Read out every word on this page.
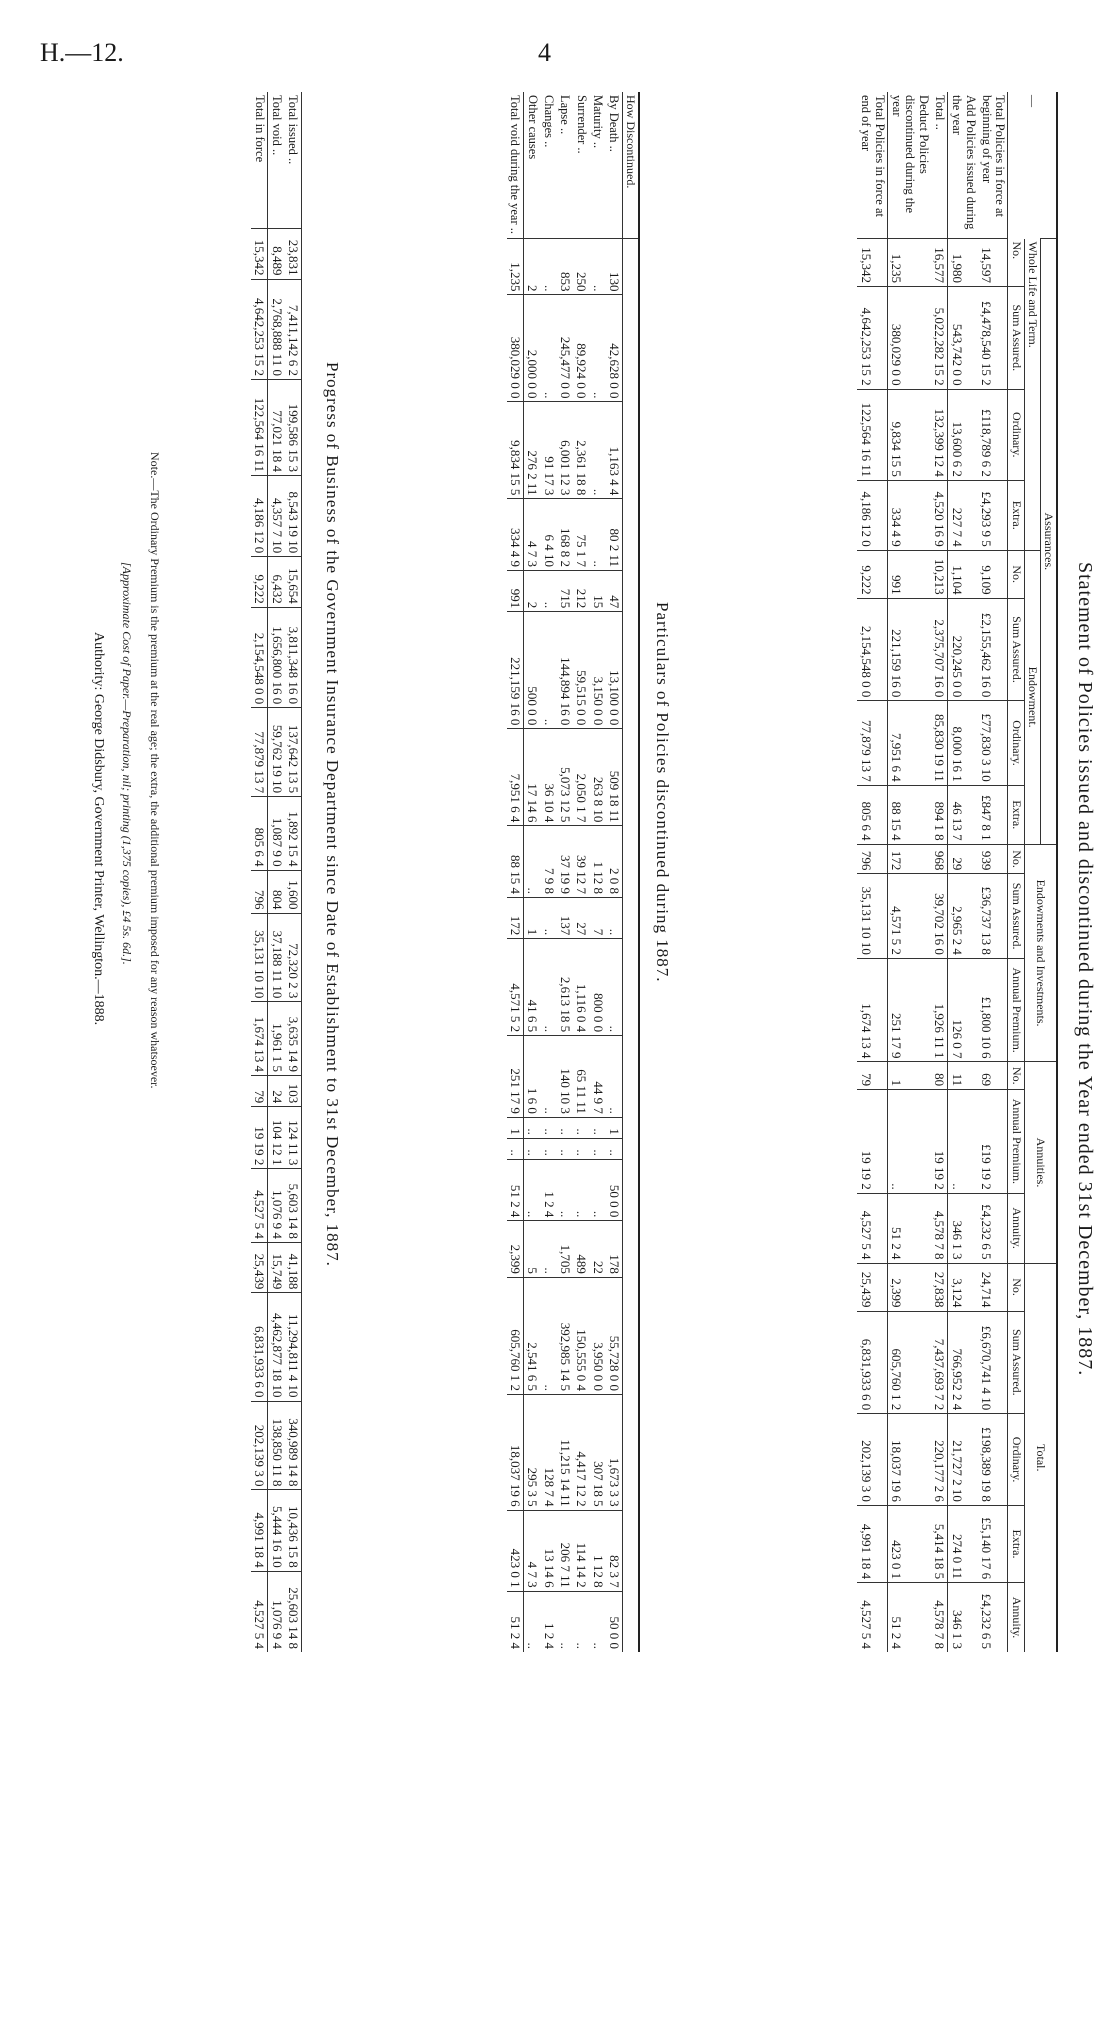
H.—12.	4
Statement of Policies issued and discontinued during the Year ended 31st December, 1887.
—	Assurances.								Endowments and Investments.			Annuities.			Total.				
	Whole Life and Term.				Endowment.														
	No.	Sum Assured.	Ordinary.	Extra.	No.	Sum Assured.	Ordinary.	Extra.	No.	Sum Assured.	Annual Premium.	No.	Annual Premium.	Annuity.	No.	Sum Assured.	Ordinary.	Extra.	Annuity.
Total Policies in force at beginning of year	14,597	£4,478,540 15 2	£118,789 6 2	£4,293 9 5	9,109	£2,155,462 16 0	£77,830 3 10	£847 8 1	939	£36,737 13 8	£1,800 10 6	69	£19 19 2	£4,232 6 5	24,714	£6,670,741 4 10	£198,389 19 8	£5,140 17 6	£4,232 6 5
Add Policies issued during the year	1,980	543,742 0 0	13,600 6 2	227 7 4	1,104	220,245 0 0	8,000 16 1	46 13 7	29	2,965 2 4	126 0 7	11	..	346 1 3	3,124	766,952 2 4	21,727 2 10	274 0 11	346 1 3
Total ..	16,577	5,022,282 15 2	132,399 12 4	4,520 16 9	10,213	2,375,707 16 0	85,830 19 11	894 1 8	968	39,702 16 0	1,926 11 1	80	19 19 2	4,578 7 8	27,838	7,437,693 7 2	220,177 2 6	5,414 18 5	4,578 7 8
Deduct Policies discontinued during the year	1,235	380,029 0 0	9,834 15 5	334 4 9	991	221,159 16 0	7,951 6 4	88 15 4	172	4,571 5 2	251 17 9	1	..	51 2 4	2,399	605,760 1 2	18,037 19 6	423 0 1	51 2 4
Total Policies in force at end of year	15,342	4,642,253 15 2	122,564 16 11	4,186 12 0	9,222	2,154,548 0 0	77,879 13 7	805 6 4	796	35,131 10 10	1,674 13 4	79	19 19 2	4,527 5 4	25,439	6,831,933 6 0	202,139 3 0	4,991 18 4	4,527 5 4
Particulars of Policies discontinued during 1887.
How Discontinued.																			
By Death ..	130	42,628 0 0	1,163 4 4	80 2 11	47	13,100 0 0	509 18 11	2 0 8	..	..	..	1	..	50 0 0	178	55,728 0 0	1,673 3 3	82 3 7	50 0 0
Maturity ..	..	..	..	..	15	3,150 0 0	263 8 10	1 12 8	7	800 0 0	44 9 7	..	..	..	22	3,950 0 0	307 18 5	1 12 8	..
Surrender ..	250	89,924 0 0	2,361 18 8	75 1 7	212	59,515 0 0	2,050 1 7	39 12 7	27	1,116 0 4	65 11 11	..	..	..	489	150,555 0 4	4,417 12 2	114 14 2	..
Lapse ..	853	245,477 0 0	6,001 12 3	168 8 2	715	144,894 16 0	5,073 12 5	37 19 9	137	2,613 18 5	140 10 3	..	..	..	1,705	392,985 14 5	11,215 14 11	206 7 11	..
Changes ..	..	..	91 17 3	6 4 10	..	..	36 10 4	7 9 8	..	..	..	..	..	1 2 4	..	..	128 7 4	13 14 6	1 2 4
Other causes	2	2,000 0 0	276 2 11	4 7 3	2	500 0 0	17 14 6	..	1	41 6 5	1 6 0	..	..	..	5	2,541 6 5	295 3 5	4 7 3	..
Total void during the year ..	1,235	380,029 0 0	9,834 15 5	334 4 9	991	221,159 16 0	7,951 6 4	88 15 4	172	4,571 5 2	251 17 9	1	..	51 2 4	2,399	605,760 1 2	18,037 19 6	423 0 1	51 2 4
Progress of Business of the Government Insurance Department since Date of Establishment to 31st December, 1887.
Total issued ..	23,831	7,411,142 6 2	199,586 15 3	8,543 19 10	15,654	3,811,348 16 0	137,642 13 5	1,892 15 4	1,600	72,320 2 3	3,635 14 9	103	124 11 3	5,603 14 8	41,188	11,294,811 4 10	340,989 14 8	10,436 15 8	25,603 14 8
Total void ..	8,489	2,768,888 11 0	77,021 18 4	4,357 7 10	6,432	1,656,800 16 0	59,762 19 10	1,087 9 0	804	37,188 11 10	1,961 1 5	24	104 12 1	1,076 9 4	15,749	4,462,877 18 10	138,850 11 8	5,444 16 10	1,076 9 4
Total in force	15,342	4,642,253 15 2	122,564 16 11	4,186 12 0	9,222	2,154,548 0 0	77,879 13 7	805 6 4	796	35,131 10 10	1,674 13 4	79	19 19 2	4,527 5 4	25,439	6,831,933 6 0	202,139 3 0	4,991 18 4	4,527 5 4
Note.—The Ordinary Premium is the premium at the real age; the extra, the additional premium imposed for any reason whatsoever.
[Approximate Cost of Paper.—Preparation, nil; printing (1,375 copies), £4 5s. 6d.].
Authority: George Didsbury, Government Printer, Wellington.—1888.
